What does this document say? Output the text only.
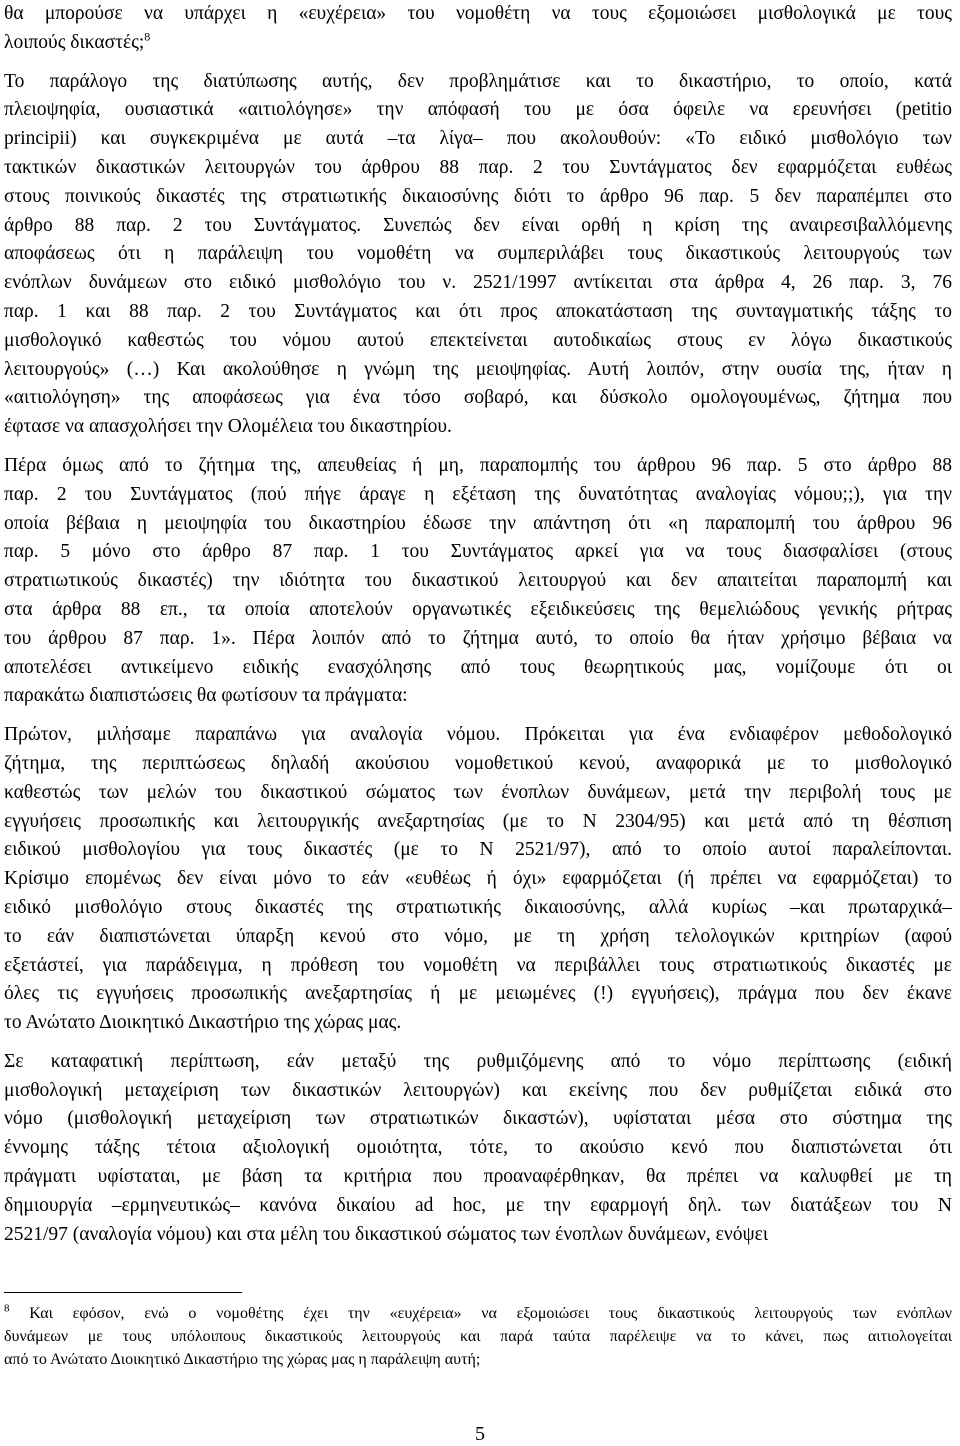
θα μπορούσε να υπάρχει η «ευχέρεια» του νομοθέτη να τους εξομοιώσει μισθολογικά με τους
λοιπούς δικαστές;$^8$
Το παράλογο της διατύπωσης αυτής, δεν προβλημάτισε και το δικαστήριο, το οποίο, κατά
πλειοψηφία, ουσιαστικά «αιτιολόγησε» την απόφασή του με όσα όφειλε να ερευνήσει (petitio
principii) και συγκεκριμένα με αυτά –τα λίγα– που ακολουθούν: «Το ειδικό μισθολόγιο των
τακτικών δικαστικών λειτουργών του άρθρου 88 παρ. 2 του Συντάγματος δεν εφαρμόζεται ευθέως
στους ποινικούς δικαστές της στρατιωτικής δικαιοσύνης διότι το άρθρο 96 παρ. 5 δεν παραπέμπει στο
άρθρο 88 παρ. 2 του Συντάγματος. Συνεπώς δεν είναι ορθή η κρίση της αναιρεσιβαλλόμενης
αποφάσεως ότι η παράλειψη του νομοθέτη να συμπεριλάβει τους δικαστικούς λειτουργούς των
ενόπλων δυνάμεων στο ειδικό μισθολόγιο του ν. 2521/1997 αντίκειται στα άρθρα 4, 26 παρ. 3, 76
παρ. 1 και 88 παρ. 2 του Συντάγματος και ότι προς αποκατάσταση της συνταγματικής τάξης το
μισθολογικό καθεστώς του νόμου αυτού επεκτείνεται αυτοδικαίως στους εν λόγω δικαστικούς
λειτουργούς» (…) Και ακολούθησε η γνώμη της μειοψηφίας. Αυτή λοιπόν, στην ουσία της, ήταν η
«αιτιολόγηση» της αποφάσεως για ένα τόσο σοβαρό, και δύσκολο ομολογουμένως, ζήτημα που
έφτασε να απασχολήσει την Ολομέλεια του δικαστηρίου.
Πέρα όμως από το ζήτημα της, απευθείας ή μη, παραπομπής του άρθρου 96 παρ. 5 στο άρθρο 88
παρ. 2 του Συντάγματος (πού πήγε άραγε η εξέταση της δυνατότητας αναλογίας νόμου;;), για την
οποία βέβαια η μειοψηφία του δικαστηρίου έδωσε την απάντηση ότι «η παραπομπή του άρθρου 96
παρ. 5 μόνο στο άρθρο 87 παρ. 1 του Συντάγματος αρκεί για να τους διασφαλίσει (στους
στρατιωτικούς δικαστές) την ιδιότητα του δικαστικού λειτουργού και δεν απαιτείται παραπομπή και
στα άρθρα 88 επ., τα οποία αποτελούν οργανωτικές εξειδικεύσεις της θεμελιώδους γενικής ρήτρας
του άρθρου 87 παρ. 1». Πέρα λοιπόν από το ζήτημα αυτό, το οποίο θα ήταν χρήσιμο βέβαια να
αποτελέσει αντικείμενο ειδικής ενασχόλησης από τους θεωρητικούς μας, νομίζουμε ότι οι
παρακάτω διαπιστώσεις θα φωτίσουν τα πράγματα:
Πρώτον, μιλήσαμε παραπάνω για αναλογία νόμου. Πρόκειται για ένα ενδιαφέρον μεθοδολογικό
ζήτημα, της περιπτώσεως δηλαδή ακούσιου νομοθετικού κενού, αναφορικά με το μισθολογικό
καθεστώς των μελών του δικαστικού σώματος των ένοπλων δυνάμεων, μετά την περιβολή τους με
εγγυήσεις προσωπικής και λειτουργικής ανεξαρτησίας (με το Ν 2304/95) και μετά από τη θέσπιση
ειδικού μισθολογίου για τους δικαστές (με το Ν 2521/97), από το οποίο αυτοί παραλείπονται.
Κρίσιμο επομένως δεν είναι μόνο το εάν «ευθέως ή όχι» εφαρμόζεται (ή πρέπει να εφαρμόζεται) το
ειδικό μισθολόγιο στους δικαστές της στρατιωτικής δικαιοσύνης, αλλά κυρίως –και πρωταρχικά–
το εάν διαπιστώνεται ύπαρξη κενού στο νόμο, με τη χρήση τελολογικών κριτηρίων (αφού
εξετάστεί, για παράδειγμα, η πρόθεση του νομοθέτη να περιβάλλει τους στρατιωτικούς δικαστές με
όλες τις εγγυήσεις προσωπικής ανεξαρτησίας ή με μειωμένες (!) εγγυήσεις), πράγμα που δεν έκανε
το Ανώτατο Διοικητικό Δικαστήριο της χώρας μας.
Σε καταφατική περίπτωση, εάν μεταξύ της ρυθμιζόμενης από το νόμο περίπτωσης (ειδική
μισθολογική μεταχείριση των δικαστικών λειτουργών) και εκείνης που δεν ρυθμίζεται ειδικά στο
νόμο (μισθολογική μεταχείριση των στρατιωτικών δικαστών), υφίσταται μέσα στο σύστημα της
έννομης τάξης τέτοια αξιολογική ομοιότητα, τότε, το ακούσιο κενό που διαπιστώνεται ότι
πράγματι υφίσταται, με βάση τα κριτήρια που προαναφέρθηκαν, θα πρέπει να καλυφθεί με τη
δημιουργία –ερμηνευτικώς– κανόνα δικαίου ad hoc, με την εφαρμογή δηλ. των διατάξεων του Ν
2521/97 (αναλογία νόμου) και στα μέλη του δικαστικού σώματος των ένοπλων δυνάμεων, ενόψει
$^8$ Και εφόσον, ενώ ο νομοθέτης έχει την «ευχέρεια» να εξομοιώσει τους δικαστικούς λειτουργούς των ενόπλων
δυνάμεων με τους υπόλοιπους δικαστικούς λειτουργούς και παρά ταύτα παρέλειψε να το κάνει, πως αιτιολογείται
από το Ανώτατο Διοικητικό Δικαστήριο της χώρας μας η παράλειψη αυτή;
5
